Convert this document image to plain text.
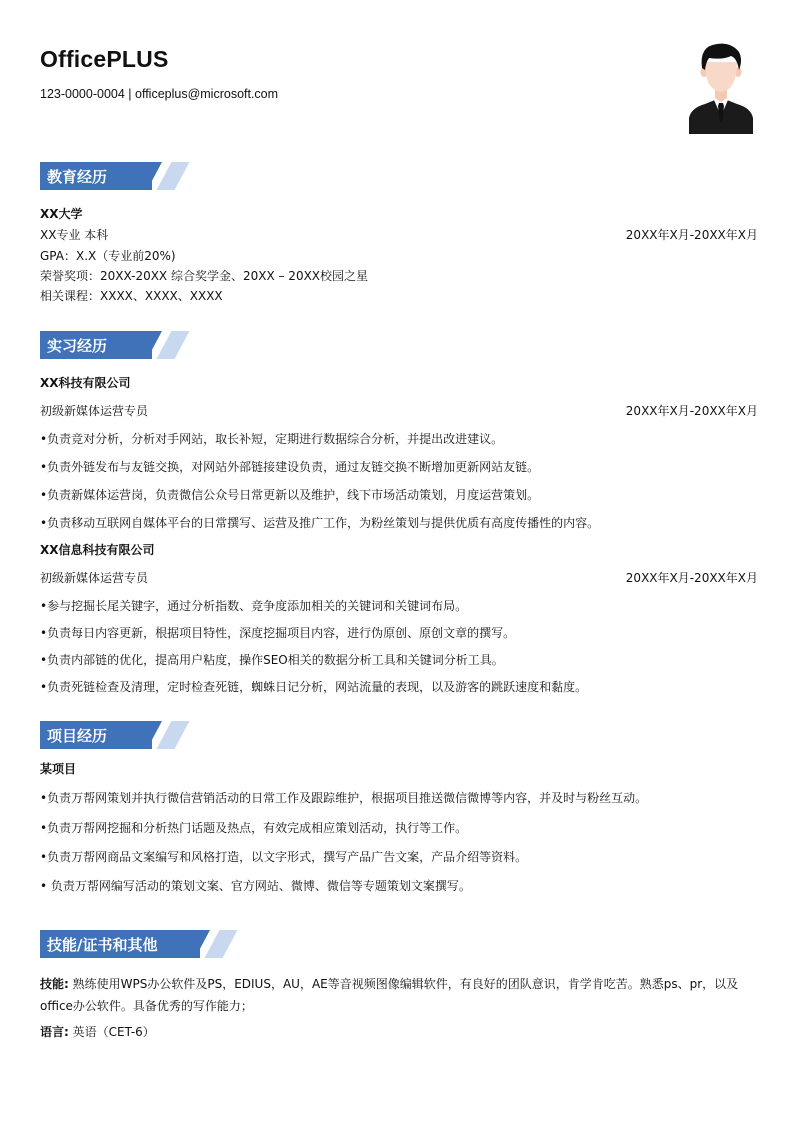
OfficePLUS
123-0000-0004 | officeplus@microsoft.com
教育经历
XX大学
XX专业 本科	20XX年X月-20XX年X月
GPA：X.X（专业前20%)
荣誉奖项：20XX-20XX 综合奖学金、20XX – 20XX校园之星
相关课程：XXXX、XXXX、XXXX
实习经历
XX科技有限公司
初级新媒体运营专员	20XX年X月-20XX年X月
•负责竞对分析，分析对手网站，取长补短，定期进行数据综合分析，并提出改进建议。
•负责外链发布与友链交换，对网站外部链接建设负责，通过友链交换不断增加更新网站友链。
•负责新媒体运营岗，负责微信公众号日常更新以及维护，线下市场活动策划，月度运营策划。
•负责移动互联网自媒体平台的日常撰写、运营及推广工作，为粉丝策划与提供优质有高度传播性的内容。
XX信息科技有限公司
初级新媒体运营专员	20XX年X月-20XX年X月
•参与挖掘长尾关键字，通过分析指数、竞争度添加相关的关键词和关键词布局。
•负责每日内容更新，根据项目特性，深度挖掘项目内容，进行伪原创、原创文章的撰写。
•负责内部链的优化，提高用户粘度，操作SEO相关的数据分析工具和关键词分析工具。
•负责死链检查及清理，定时检查死链，蜘蛛日记分析，网站流量的表现，以及游客的跳跃速度和黏度。
项目经历
某项目
•负责万帮网策划并执行微信营销活动的日常工作及跟踪维护，根据项目推送微信微博等内容，并及时与粉丝互动。
•负责万帮网挖掘和分析热门话题及热点，有效完成相应策划活动，执行等工作。
•负责万帮网商品文案编写和风格打造，以文字形式，撰写产品广告文案，产品介绍等资料。
• 负责万帮网编写活动的策划文案、官方网站、微博、微信等专题策划文案撰写。
技能/证书和其他
技能: 熟练使用WPS办公软件及PS，EDIUS，AU，AE等音视频图像编辑软件，有良好的团队意识，肯学肯吃苦。熟悉ps、pr，以及office办公软件。具备优秀的写作能力；
语言: 英语（CET-6）
